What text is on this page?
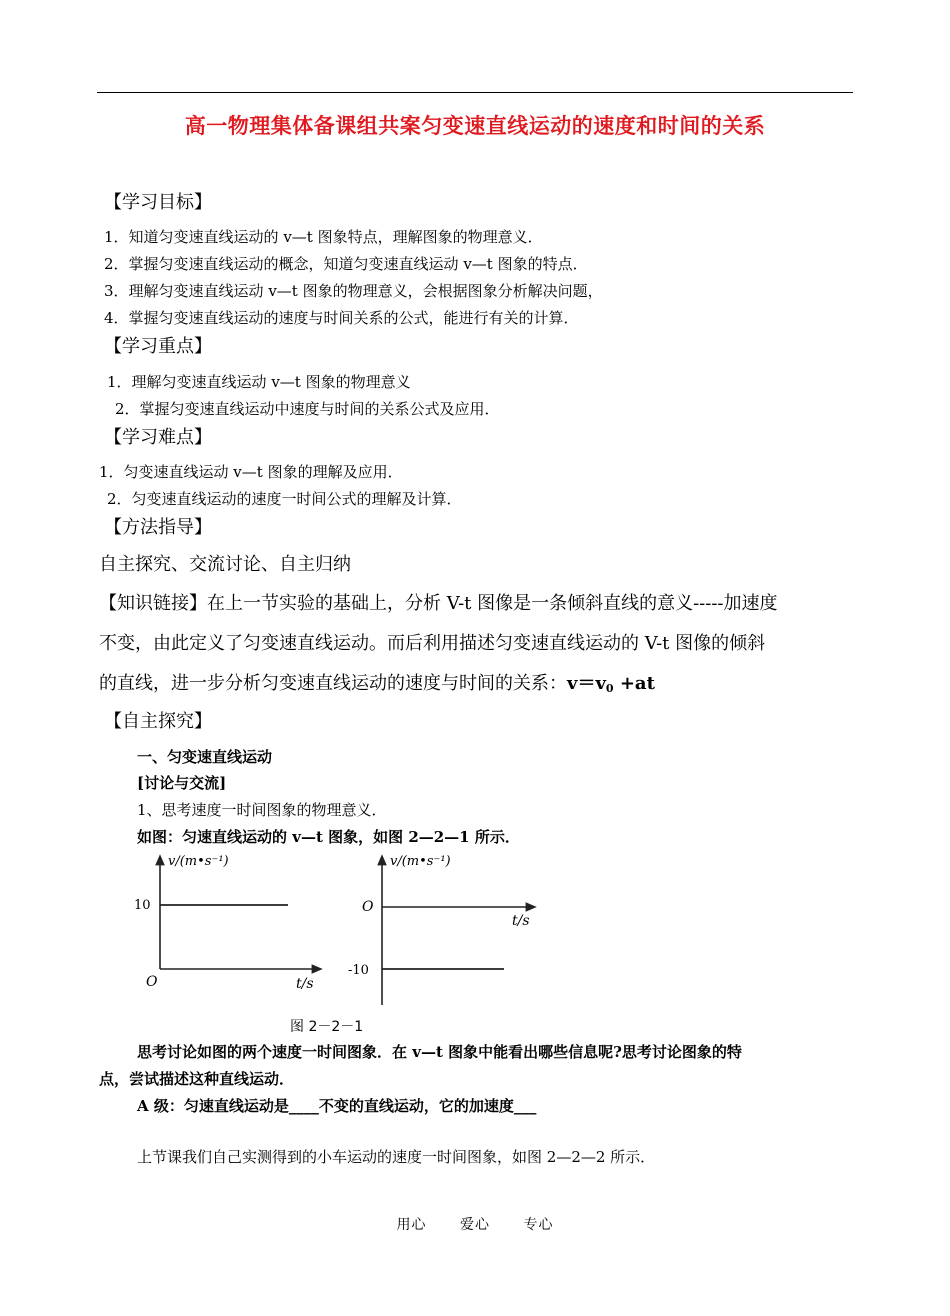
高一物理集体备课组共案匀变速直线运动的速度和时间的关系
【学习目标】
1．知道匀变速直线运动的 v—t 图象特点，理解图象的物理意义．
2．掌握匀变速直线运动的概念，知道匀变速直线运动 v—t 图象的特点．
3．理解匀变速直线运动 v—t 图象的物理意义，会根据图象分析解决问题，
4．掌握匀变速直线运动的速度与时间关系的公式，能进行有关的计算．
【学习重点】
1．理解匀变速直线运动 v—t 图象的物理意义
2．掌握匀变速直线运动中速度与时间的关系公式及应用．
【学习难点】
1．匀变速直线运动 v—t 图象的理解及应用．
2．匀变速直线运动的速度一时间公式的理解及计算．
【方法指导】
自主探究、交流讨论、自主归纳
【知识链接】在上一节实验的基础上，分析 V-t 图像是一条倾斜直线的意义-----加速度
不变，由此定义了匀变速直线运动。而后利用描述匀变速直线运动的 V-t 图像的倾斜
的直线，进一步分析匀变速直线运动的速度与时间的关系：$v=v_0 +at$
【自主探究】
一、匀变速直线运动
[讨论与交流]
1、思考速度一时间图象的物理意义．
如图：匀速直线运动的 v—t 图象，如图 2—2—1 所示．
v/(m•s⁻¹)
10
O	t/s
v/(m•s⁻¹)
O
-10
t/s
图 2－2－1
思考讨论如图的两个速度一时间图象．在 v—t 图象中能看出哪些信息呢?思考讨论图象的特
点，尝试描述这种直线运动．
A 级：匀速直线运动是____不变的直线运动，它的加速度___
上节课我们自己实测得到的小车运动的速度一时间图象，如图 2—2—2 所示．
用心 爱心 专心
